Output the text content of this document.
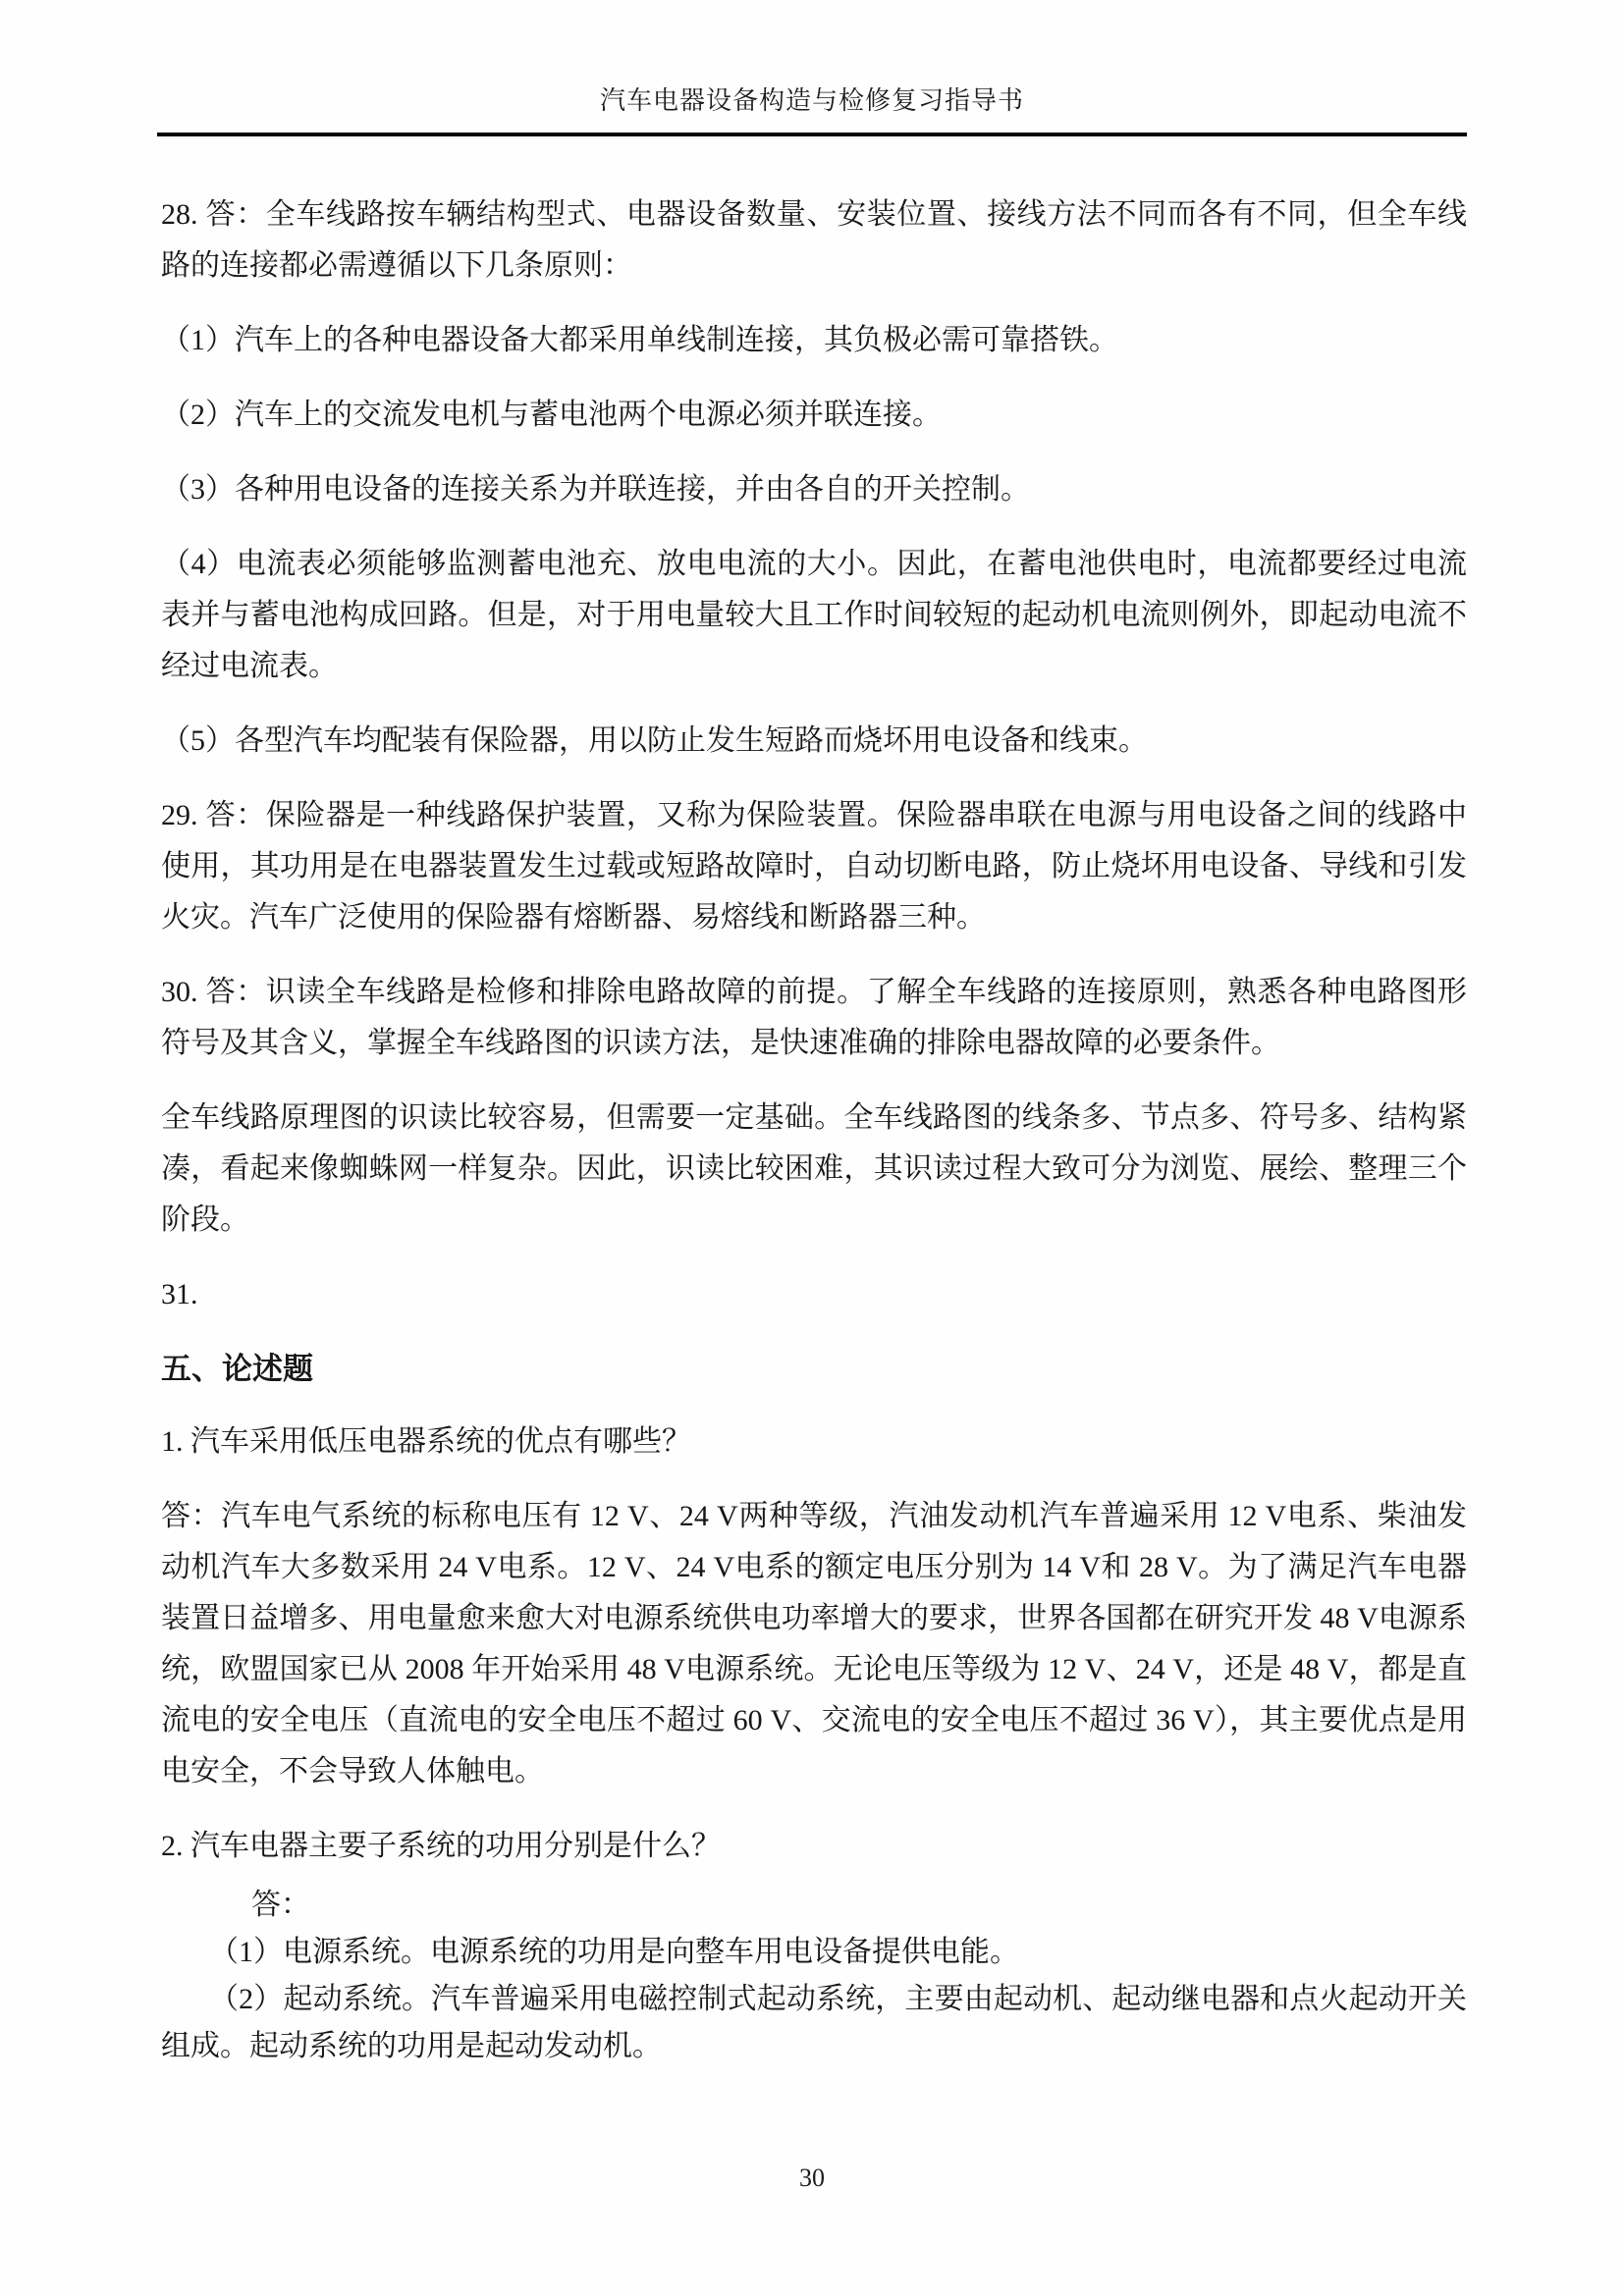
汽车电器设备构造与检修复习指导书

28. 答：全车线路按车辆结构型式、电器设备数量、安装位置、接线方法不同而各有不同，但全车线路的连接都必需遵循以下几条原则：

（1）汽车上的各种电器设备大都采用单线制连接，其负极必需可靠搭铁。

（2）汽车上的交流发电机与蓄电池两个电源必须并联连接。

（3）各种用电设备的连接关系为并联连接，并由各自的开关控制。

（4）电流表必须能够监测蓄电池充、放电电流的大小。因此，在蓄电池供电时，电流都要经过电流表并与蓄电池构成回路。但是，对于用电量较大且工作时间较短的起动机电流则例外，即起动电流不经过电流表。

（5）各型汽车均配装有保险器，用以防止发生短路而烧坏用电设备和线束。

29. 答：保险器是一种线路保护装置，又称为保险装置。保险器串联在电源与用电设备之间的线路中使用，其功用是在电器装置发生过载或短路故障时，自动切断电路，防止烧坏用电设备、导线和引发火灾。汽车广泛使用的保险器有熔断器、易熔线和断路器三种。

30. 答：识读全车线路是检修和排除电路故障的前提。了解全车线路的连接原则，熟悉各种电路图形符号及其含义，掌握全车线路图的识读方法，是快速准确的排除电器故障的必要条件。

全车线路原理图的识读比较容易，但需要一定基础。全车线路图的线条多、节点多、符号多、结构紧凑，看起来像蜘蛛网一样复杂。因此，识读比较困难，其识读过程大致可分为浏览、展绘、整理三个阶段。

31.

五、论述题

1. 汽车采用低压电器系统的优点有哪些？

答：汽车电气系统的标称电压有 12 V、24 V两种等级，汽油发动机汽车普遍采用 12 V电系、柴油发动机汽车大多数采用 24 V电系。12 V、24 V电系的额定电压分别为 14 V和 28 V。为了满足汽车电器装置日益增多、用电量愈来愈大对电源系统供电功率增大的要求，世界各国都在研究开发 48 V电源系统，欧盟国家已从 2008 年开始采用 48 V电源系统。无论电压等级为 12 V、24 V，还是 48 V，都是直流电的安全电压（直流电的安全电压不超过 60 V、交流电的安全电压不超过 36 V），其主要优点是用电安全，不会导致人体触电。

2. 汽车电器主要子系统的功用分别是什么？

答：

（1）电源系统。电源系统的功用是向整车用电设备提供电能。

（2）起动系统。汽车普遍采用电磁控制式起动系统，主要由起动机、起动继电器和点火起动开关组成。起动系统的功用是起动发动机。

30
